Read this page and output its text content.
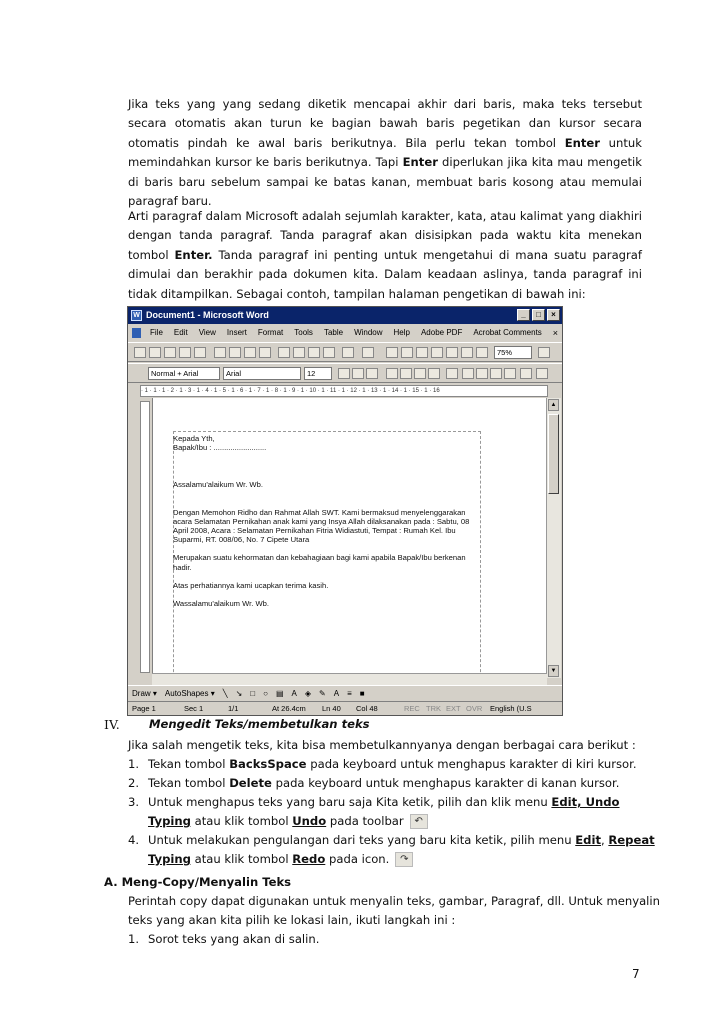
Jika teks yang yang sedang diketik mencapai akhir dari baris, maka teks tersebut secara otomatis akan turun ke bagian bawah baris pegetikan dan kursor secara otomatis pindah ke awal baris berikutnya. Bila perlu tekan tombol Enter untuk memindahkan kursor ke baris berikutnya. Tapi Enter diperlukan jika kita mau mengetik di baris baru sebelum sampai ke batas kanan, membuat baris kosong atau memulai paragraf baru.

Arti paragraf dalam Microsoft adalah sejumlah karakter, kata, atau kalimat yang diakhiri dengan tanda paragraf. Tanda paragraf akan disisipkan pada waktu kita menekan tombol Enter. Tanda paragraf ini penting untuk mengetahui di mana suatu paragraf dimulai dan berakhir pada dokumen kita. Dalam keadaan aslinya, tanda paragraf ini tidak ditampilkan. Sebagai contoh, tampilan halaman pengetikan di bawah ini:

W Document1 - Microsoft Word	_ □ ×
File Edit View Insert Format Tools Table Window Help Adobe PDF Acrobat Comments	×
75%
Normal + Arial	Arial	12
· 1 · 1 · 1 · 2 · 1 · 3 · 1 · 4 · 1 · 5 · 1 · 6 · 1 · 7 · 1 · 8 · 1 · 9 · 1 · 10 · 1 · 11 · 1 · 12 · 1 · 13 · 1 · 14 · 1 · 15 · 1 · 16

Kepada Yth,

Bapak/Ibu : .........................

Assalamu'alaikum Wr. Wb.

Dengan Memohon Ridho dan Rahmat Allah SWT. Kami bermaksud menyelenggarakan acara Selamatan Pernikahan anak kami yang Insya Allah dilaksanakan pada : Sabtu, 08 April 2008, Acara : Selamatan Pernikahan Fitria Widiastuti, Tempat : Rumah Kel. Ibu Suparmi, RT. 008/06, No. 7 Cipete Utara

Merupakan suatu kehormatan dan kebahagiaan bagi kami apabila Bapak/Ibu berkenan hadir.

Atas perhatiannya kami ucapkan terima kasih.

Wassalamu'alaikum Wr. Wb.

▲
▼
Draw ▾ AutoShapes ▾ ╲ ↘ □ ○ ▤ A ◈ ✎ A ≡ ■
Page 1	Sec 1	1/1	At 26.4cm Ln 40 Col 48	REC TRK EXT OVR English (U.S
IV.	Mengedit Teks/membetulkan teks
Jika salah mengetik teks, kita bisa membetulkannyanya dengan berbagai cara berikut :
1. Tekan tombol BacksSpace pada keyboard untuk menghapus karakter di kiri kursor.
2. Tekan tombol Delete pada keyboard untuk menghapus karakter di kanan kursor.
3. Untuk menghapus teks yang baru saja Kita ketik, pilih dan klik menu Edit, Undo
Typing atau klik tombol Undo pada toolbar ↶
4. Untuk melakukan pengulangan dari teks yang baru kita ketik, pilih menu Edit, Repeat
Typing atau klik tombol Redo pada icon. ↷
A. Meng-Copy/Menyalin Teks
Perintah copy dapat digunakan untuk menyalin teks, gambar, Paragraf, dll. Untuk menyalin
teks yang akan kita pilih ke lokasi lain, ikuti langkah ini :
1. Sorot teks yang akan di salin.
7
